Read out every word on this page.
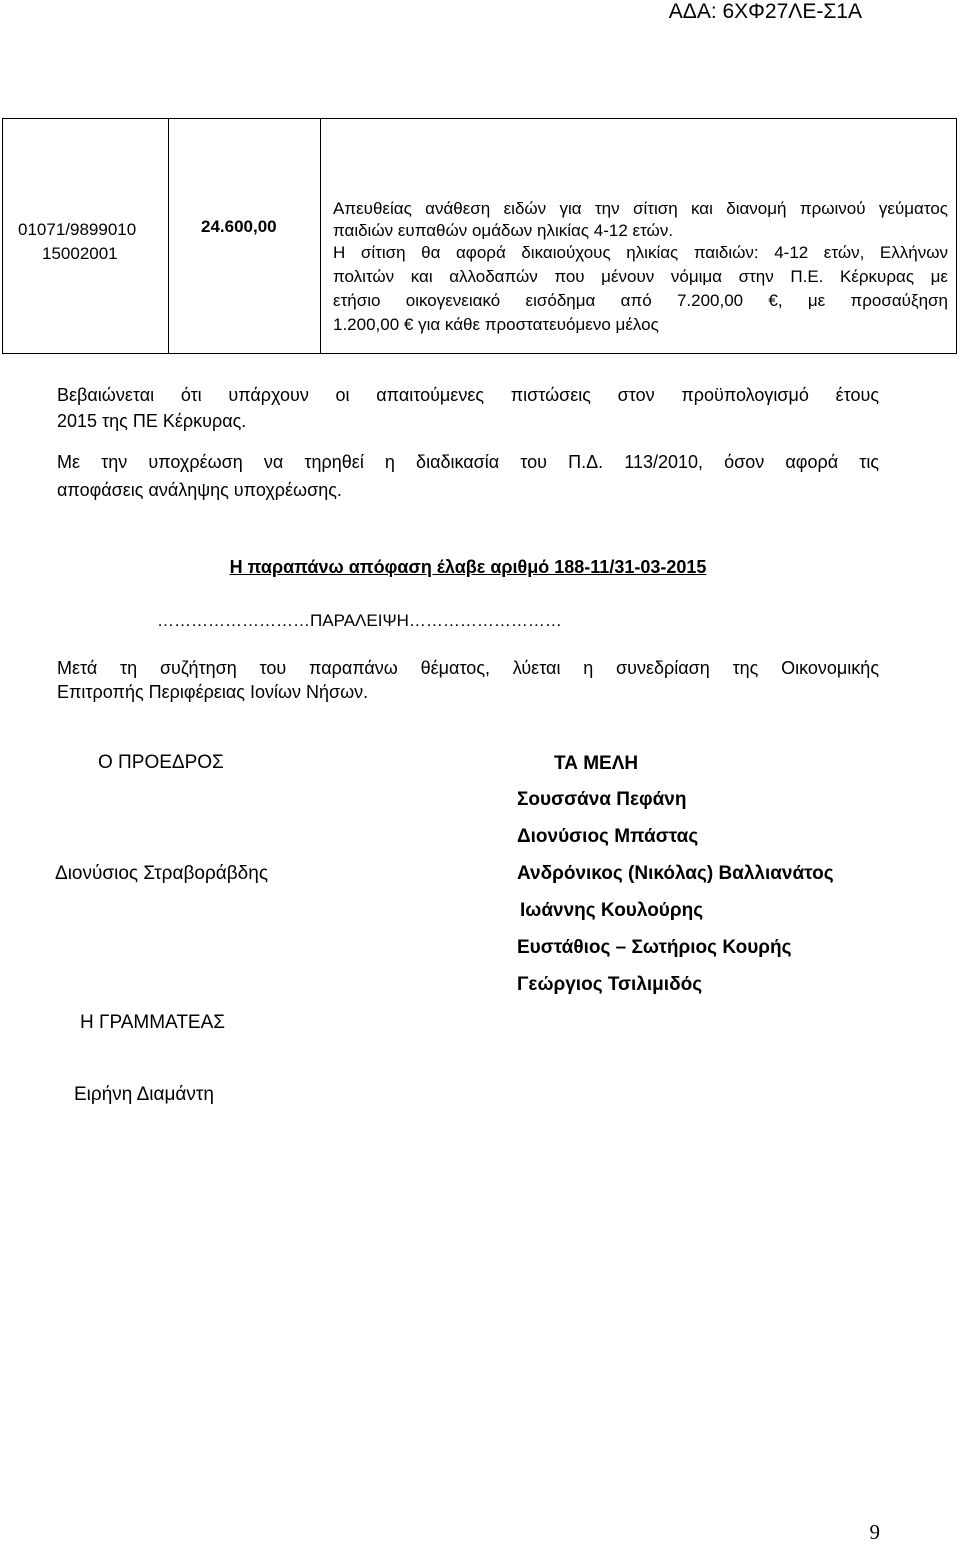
ΑΔΑ: 6ΧΦ27ΛΕ-Σ1Α
01071/9899010
15002001
24.600,00
Απευθείας ανάθεση ειδών για την σίτιση και διανομή πρωινού γεύματος
παιδιών ευπαθών ομάδων ηλικίας 4-12 ετών.
Η σίτιση θα αφορά δικαιούχους ηλικίας παιδιών: 4-12 ετών, Ελλήνων
πολιτών και αλλοδαπών που μένουν νόμιμα στην Π.Ε. Κέρκυρας με
ετήσιο οικογενειακό εισόδημα από 7.200,00 €, με προσαύξηση
1.200,00 € για κάθε προστατευόμενο μέλος
Βεβαιώνεται ότι υπάρχουν οι απαιτούμενες πιστώσεις στον προϋπολογισμό έτους
2015 της ΠΕ Κέρκυρας.
Με την υποχρέωση να τηρηθεί η διαδικασία του Π.Δ. 113/2010, όσον αφορά τις
αποφάσεις ανάληψης υποχρέωσης.
Η παραπάνω απόφαση έλαβε αριθμό 188-11/31-03-2015
………………………ΠΑΡΑΛΕΙΨΗ………………………
Μετά τη συζήτηση του παραπάνω θέματος, λύεται η συνεδρίαση της Οικονομικής
Επιτροπής Περιφέρειας Ιονίων Νήσων.
Ο ΠΡΟΕΔΡΟΣ
Διονύσιος Στραβοράβδης
Η ΓΡΑΜΜΑΤΕΑΣ
Ειρήνη Διαμάντη
ΤΑ ΜΕΛΗ
Σουσσάνα Πεφάνη
Διονύσιος Μπάστας
Ανδρόνικος (Νικόλας) Βαλλιανάτος
Ιωάννης Κουλούρης
Ευστάθιος – Σωτήριος Κουρής
Γεώργιος Τσιλιμιδός
9
